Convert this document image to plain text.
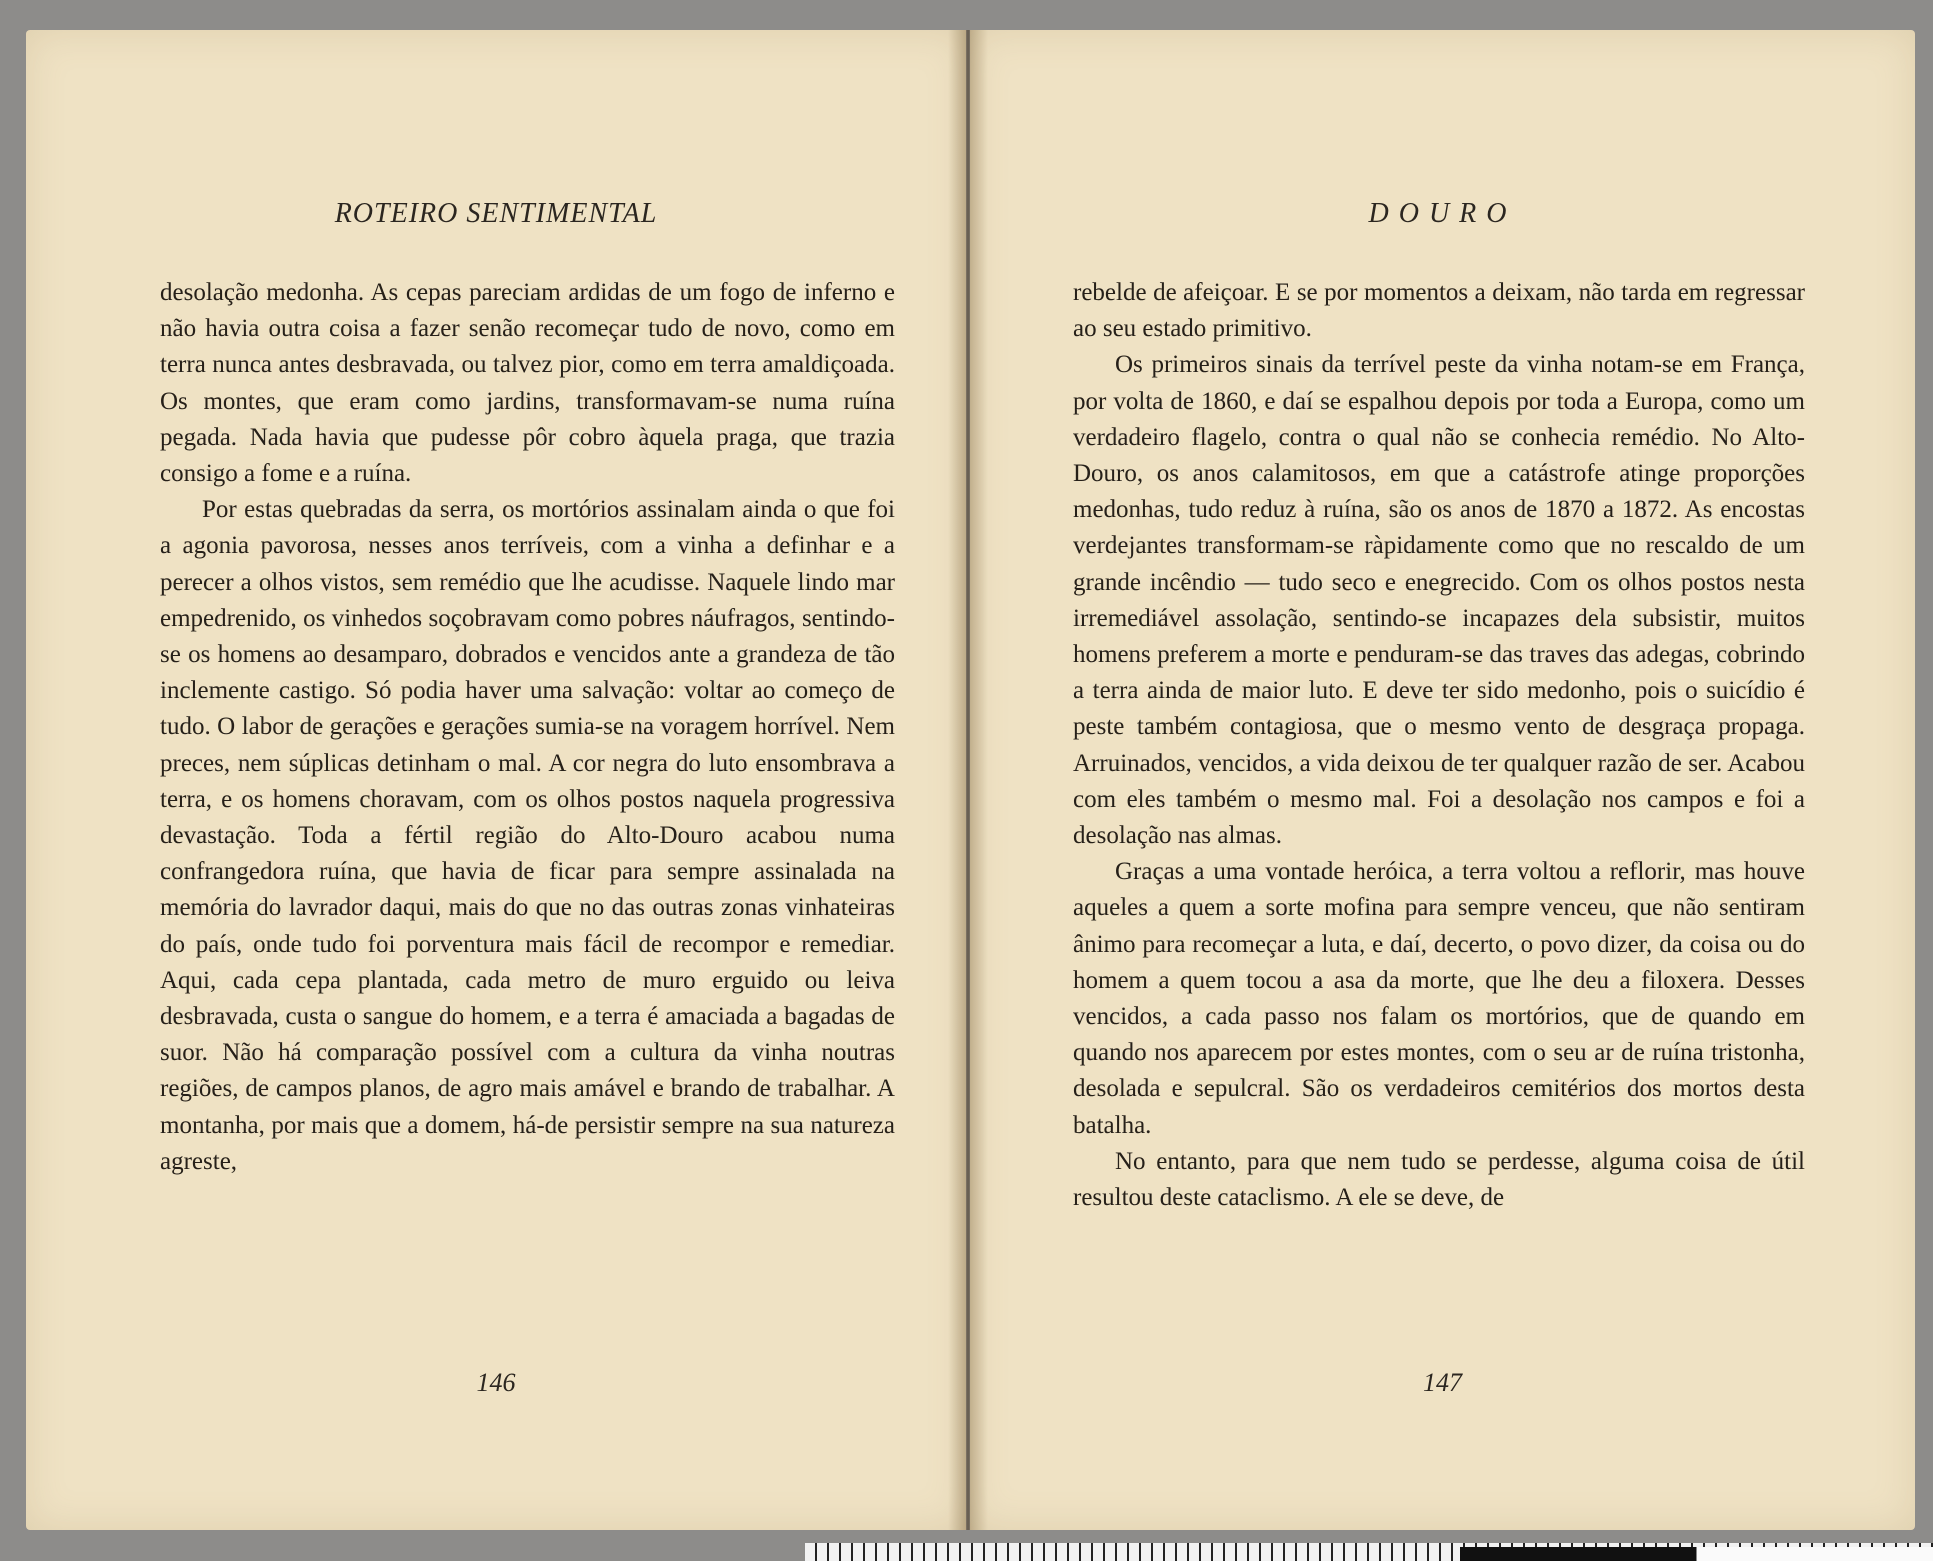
ROTEIRO SENTIMENTAL

desolação medonha. As cepas pareciam ardidas de um fogo de inferno e não havia outra coisa a fazer senão recomeçar tudo de novo, como em terra nunca antes desbravada, ou talvez pior, como em terra amaldiçoada. Os montes, que eram como jardins, transformavam-se numa ruína pegada. Nada havia que pudesse pôr cobro àquela praga, que trazia consigo a fome e a ruína.

Por estas quebradas da serra, os mortórios assinalam ainda o que foi a agonia pavorosa, nesses anos terríveis, com a vinha a definhar e a perecer a olhos vistos, sem remédio que lhe acudisse. Naquele lindo mar empedrenido, os vinhedos soçobravam como pobres náufragos, sentindo-se os homens ao desamparo, dobrados e vencidos ante a grandeza de tão inclemente castigo. Só podia haver uma salvação: voltar ao começo de tudo. O labor de gerações e gerações sumia-se na voragem horrível. Nem preces, nem súplicas detinham o mal. A cor negra do luto ensombrava a terra, e os homens choravam, com os olhos postos naquela progressiva devastação. Toda a fértil região do Alto-Douro acabou numa confrangedora ruína, que havia de ficar para sempre assinalada na memória do lavrador daqui, mais do que no das outras zonas vinhateiras do país, onde tudo foi porventura mais fácil de recompor e remediar. Aqui, cada cepa plantada, cada metro de muro erguido ou leiva desbravada, custa o sangue do homem, e a terra é amaciada a bagadas de suor. Não há comparação possível com a cultura da vinha noutras regiões, de campos planos, de agro mais amável e brando de trabalhar. A montanha, por mais que a domem, há-de persistir sempre na sua natureza agreste,

146

DOURO

rebelde de afeiçoar. E se por momentos a deixam, não tarda em regressar ao seu estado primitivo.

Os primeiros sinais da terrível peste da vinha notam-se em França, por volta de 1860, e daí se espalhou depois por toda a Europa, como um verdadeiro flagelo, contra o qual não se conhecia remédio. No Alto-Douro, os anos calamitosos, em que a catástrofe atinge proporções medonhas, tudo reduz à ruína, são os anos de 1870 a 1872. As encostas verdejantes transformam-se ràpidamente como que no rescaldo de um grande incêndio — tudo seco e enegrecido. Com os olhos postos nesta irremediável assolação, sentindo-se incapazes dela subsistir, muitos homens preferem a morte e penduram-se das traves das adegas, cobrindo a terra ainda de maior luto. E deve ter sido medonho, pois o suicídio é peste também contagiosa, que o mesmo vento de desgraça propaga. Arruinados, vencidos, a vida deixou de ter qualquer razão de ser. Acabou com eles também o mesmo mal. Foi a desolação nos campos e foi a desolação nas almas.

Graças a uma vontade heróica, a terra voltou a reflorir, mas houve aqueles a quem a sorte mofina para sempre venceu, que não sentiram ânimo para recomeçar a luta, e daí, decerto, o povo dizer, da coisa ou do homem a quem tocou a asa da morte, que lhe deu a filoxera. Desses vencidos, a cada passo nos falam os mortórios, que de quando em quando nos aparecem por estes montes, com o seu ar de ruína tristonha, desolada e sepulcral. São os verdadeiros cemitérios dos mortos desta batalha.

No entanto, para que nem tudo se perdesse, alguma coisa de útil resultou deste cataclismo. A ele se deve, de

147
